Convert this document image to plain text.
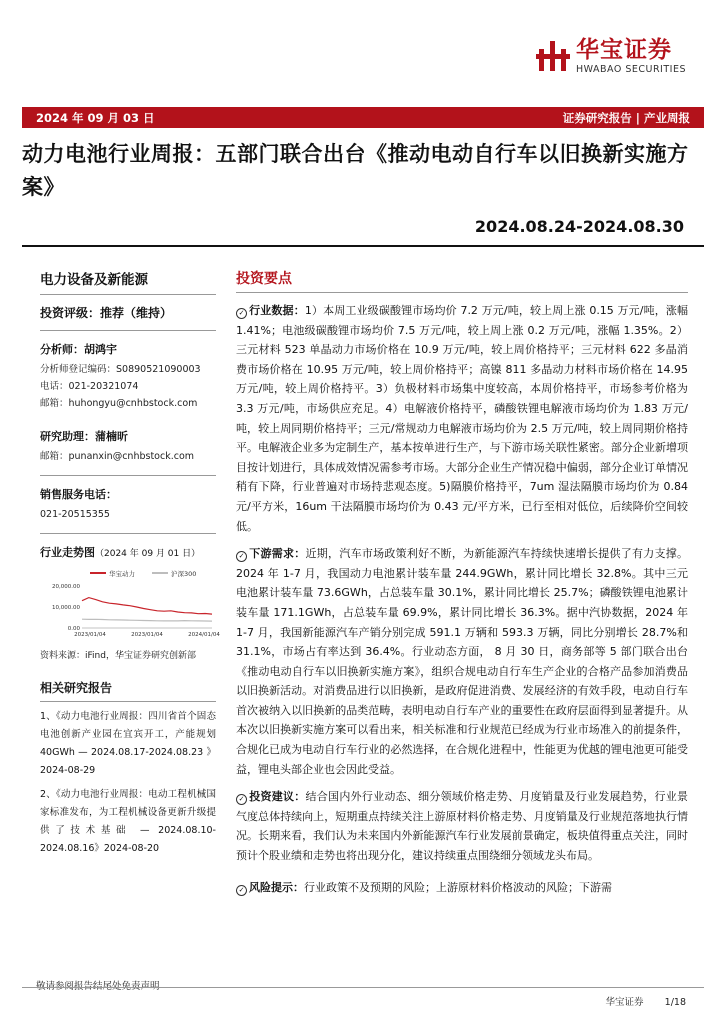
华宝证券
HWABAO SECURITIES
2024 年 09 月 03 日	证券研究报告 | 产业周报
动力电池行业周报：五部门联合出台《推动电动自行车以旧换新实施方案》
2024.08.24-2024.08.30
电力设备及新能源
投资评级：推荐（维持）
分析师：胡鸿宇
分析师登记编码：S0890521090003
电话：021-20321074
邮箱：huhongyu@cnhbstock.com
研究助理：蒲楠昕
邮箱：punanxin@cnhbstock.com
销售服务电话：
021-20515355
行业走势图（2024 年 09 月 01 日）
华宝动力	沪深300
20,000.00
10,000.00
0.00
2023/01/04	2023/01/04	2024/01/04
资料来源：iFind，华宝证券研究创新部
相关研究报告
1、《动力电池行业周报：四川省首个固态电池创新产业园在宜宾开工，产能规划 40GWh — 2024.08.17-2024.08.23 》 2024-08-29
2、《动力电池行业周报：电动工程机械国家标准发布，为工程机械设备更新升级提供了技术基础 — 2024.08.10-2024.08.16》2024-08-20
投资要点
✓ 行业数据：1）本周工业级碳酸锂市场均价 7.2 万元/吨，较上周上涨 0.15 万元/吨，涨幅 1.41%；电池级碳酸锂市场均价 7.5 万元/吨，较上周上涨 0.2 万元/吨，涨幅 1.35%。2）三元材料 523 单晶动力市场价格在 10.9 万元/吨，较上周价格持平；三元材料 622 多晶消费市场价格在 10.95 万元/吨，较上周价格持平；高镍 811 多晶动力材料市场价格在 14.95 万元/吨，较上周价格持平。3）负极材料市场集中度较高，本周价格持平，市场参考价格为 3.3 万元/吨，市场供应充足。4）电解液价格持平，磷酸铁锂电解液市场均价为 1.83 万元/吨，较上周同期价格持平；三元/常规动力电解液市场均价为 2.5 万元/吨，较上周同期价格持平。电解液企业多为定制生产，基本按单进行生产，与下游市场关联性紧密。部分企业新增项目按计划进行，具体成效情况需参考市场。大部分企业生产情况稳中偏弱，部分企业订单情况稍有下降，行业普遍对市场持悲观态度。5)隔膜价格持平，7um 湿法隔膜市场均价为 0.84 元/平方米，16um 干法隔膜市场均价为 0.43 元/平方米，已行至相对低位，后续降价空间较低。
✓ 下游需求：近期，汽车市场政策利好不断，为新能源汽车持续快速增长提供了有力支撑。2024 年 1-7 月，我国动力电池累计装车量 244.9GWh，累计同比增长 32.8%。其中三元电池累计装车量 73.6GWh，占总装车量 30.1%，累计同比增长 25.7%；磷酸铁锂电池累计装车量 171.1GWh，占总装车量 69.9%，累计同比增长 36.3%。据中汽协数据，2024 年 1-7 月，我国新能源汽车产销分别完成 591.1 万辆和 593.3 万辆，同比分别增长 28.7%和 31.1%，市场占有率达到 36.4%。行业动态方面， 8 月 30 日，商务部等 5 部门联合出台《推动电动自行车以旧换新实施方案》，组织合规电动自行车生产企业的合格产品参加消费品以旧换新活动。对消费品进行以旧换新，是政府促进消费、发展经济的有效手段，电动自行车首次被纳入以旧换新的品类范畴，表明电动自行车产业的重要性在政府层面得到显著提升。从本次以旧换新实施方案可以看出来，相关标准和行业规范已经成为行业市场准入的前提条件，合规化已成为电动自行车行业的必然选择，在合规化进程中，性能更为优越的锂电池更可能受益，锂电头部企业也会因此受益。
✓ 投资建议：结合国内外行业动态、细分领域价格走势、月度销量及行业发展趋势，行业景气度总体持续向上，短期重点持续关注上游原材料价格走势、月度销量及行业规范落地执行情况。长期来看，我们认为未来国内外新能源汽车行业发展前景确定，板块值得重点关注，同时预计个股业绩和走势也将出现分化，建议持续重点围绕细分领域龙头布局。
✓ 风险提示：行业政策不及预期的风险；上游原材料价格波动的风险；下游需
华宝证券 1/18
